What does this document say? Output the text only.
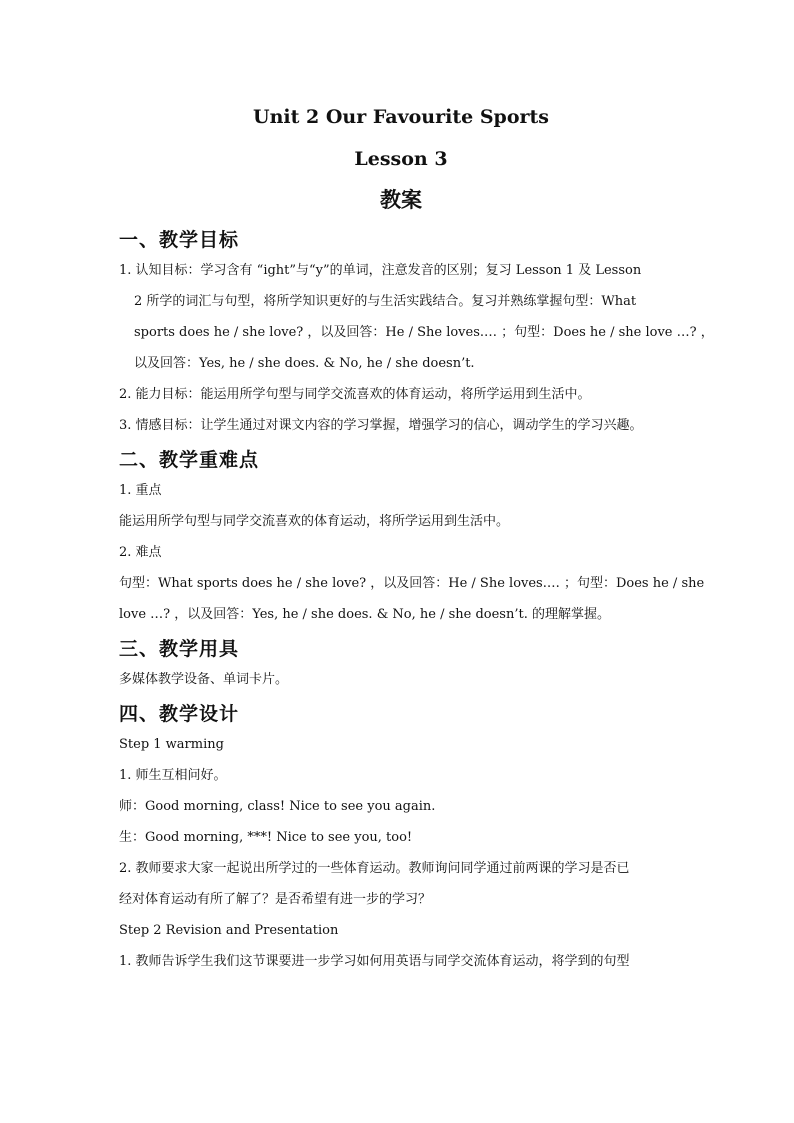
Unit 2 Our Favourite Sports
Lesson 3
教案
一、教学目标
1. 认知目标：学习含有 “ight”与“y”的单词，注意发音的区别；复习 Lesson 1 及 Lesson
2 所学的词汇与句型，将所学知识更好的与生活实践结合。复习并熟练掌握句型：What
sports does he / she love? ，以及回答：He / She loves.… ；句型：Does he / she love …? ，
以及回答：Yes, he / she does. & No, he / she doesn’t.
2. 能力目标：能运用所学句型与同学交流喜欢的体育运动，将所学运用到生活中。
3. 情感目标：让学生通过对课文内容的学习掌握，增强学习的信心，调动学生的学习兴趣。
二、教学重难点
1. 重点
能运用所学句型与同学交流喜欢的体育运动，将所学运用到生活中。
2. 难点
句型：What sports does he / she love? ，以及回答：He / She loves.… ；句型：Does he / she
love …? ，以及回答：Yes, he / she does. & No, he / she doesn’t. 的理解掌握。
三、教学用具
多媒体教学设备、单词卡片。
四、教学设计
Step 1 warming
1. 师生互相问好。
师：Good morning, class! Nice to see you again.
生：Good morning, ***! Nice to see you, too!
2. 教师要求大家一起说出所学过的一些体育运动。教师询问同学通过前两课的学习是否已
经对体育运动有所了解了？是否希望有进一步的学习？
Step 2 Revision and Presentation
1. 教师告诉学生我们这节课要进一步学习如何用英语与同学交流体育运动，将学到的句型
